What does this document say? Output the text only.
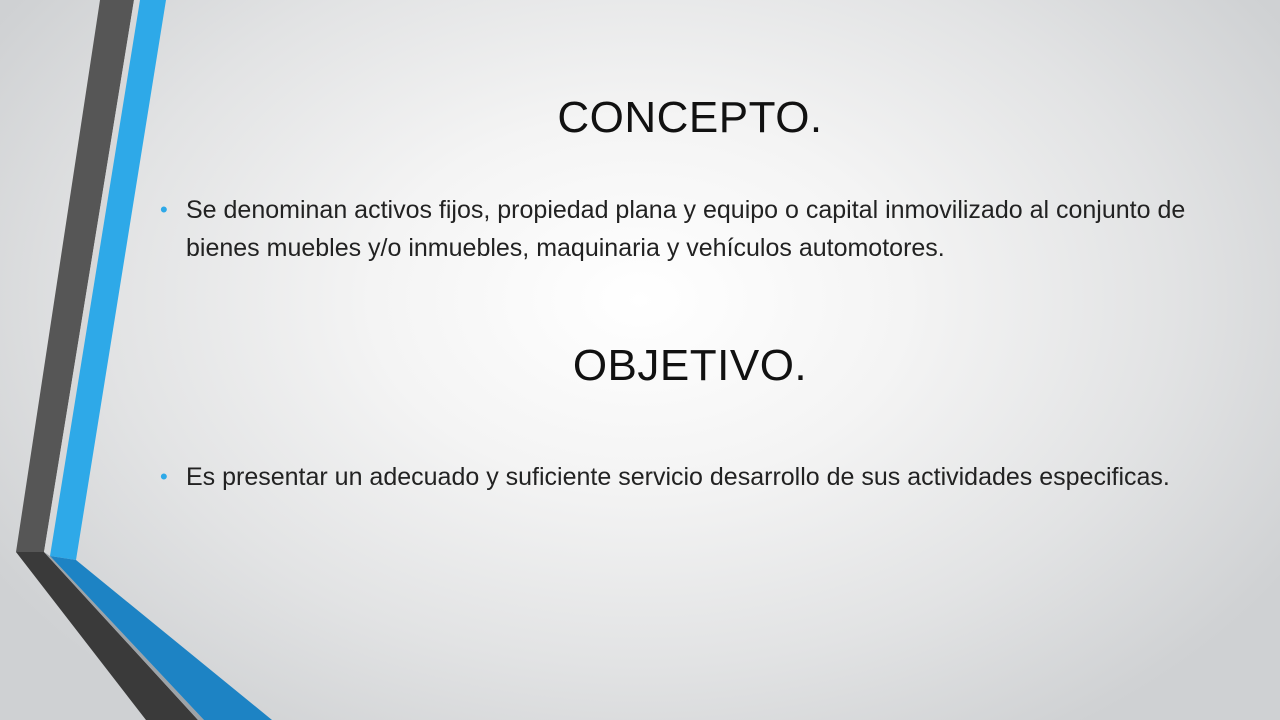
CONCEPTO.
• Se denominan activos fijos, propiedad plana y equipo o capital inmovilizado al conjunto de bienes muebles y/o inmuebles, maquinaria y vehículos automotores.
OBJETIVO.
• Es presentar un adecuado y suficiente servicio desarrollo de sus actividades especificas.
